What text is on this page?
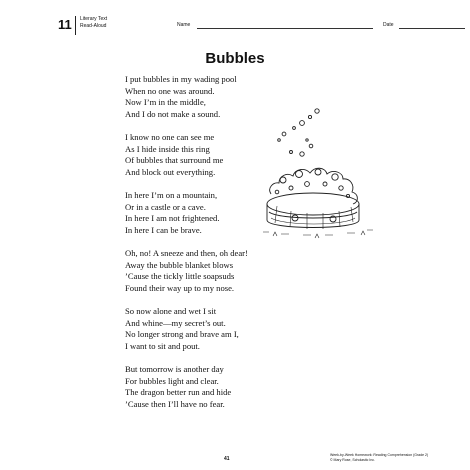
11 Literary Text
Read-Aloud	Name	Date
Bubbles
I put bubbles in my wading pool
When no one was around.
Now I’m in the middle,
And I do not make a sound.
I know no one can see me
As I hide inside this ring
Of bubbles that surround me
And block out everything.
In here I’m on a mountain,
Or in a castle or a cave.
In here I am not frightened.
In here I can be brave.
Oh, no! A sneeze and then, oh dear!
Away the bubble blanket blows
’Cause the tickly little soapsuds
Found their way up to my nose.
So now alone and wet I sit
And whine—my secret’s out.
No longer strong and brave am I,
I want to sit and pout.
But tomorrow is another day
For bubbles light and clear.
The dragon better run and hide
’Cause then I’ll have no fear.
41
Week-by-Week Homework: Reading Comprehension (Grade 2)
© Mary Rose, Scholastic Inc.
